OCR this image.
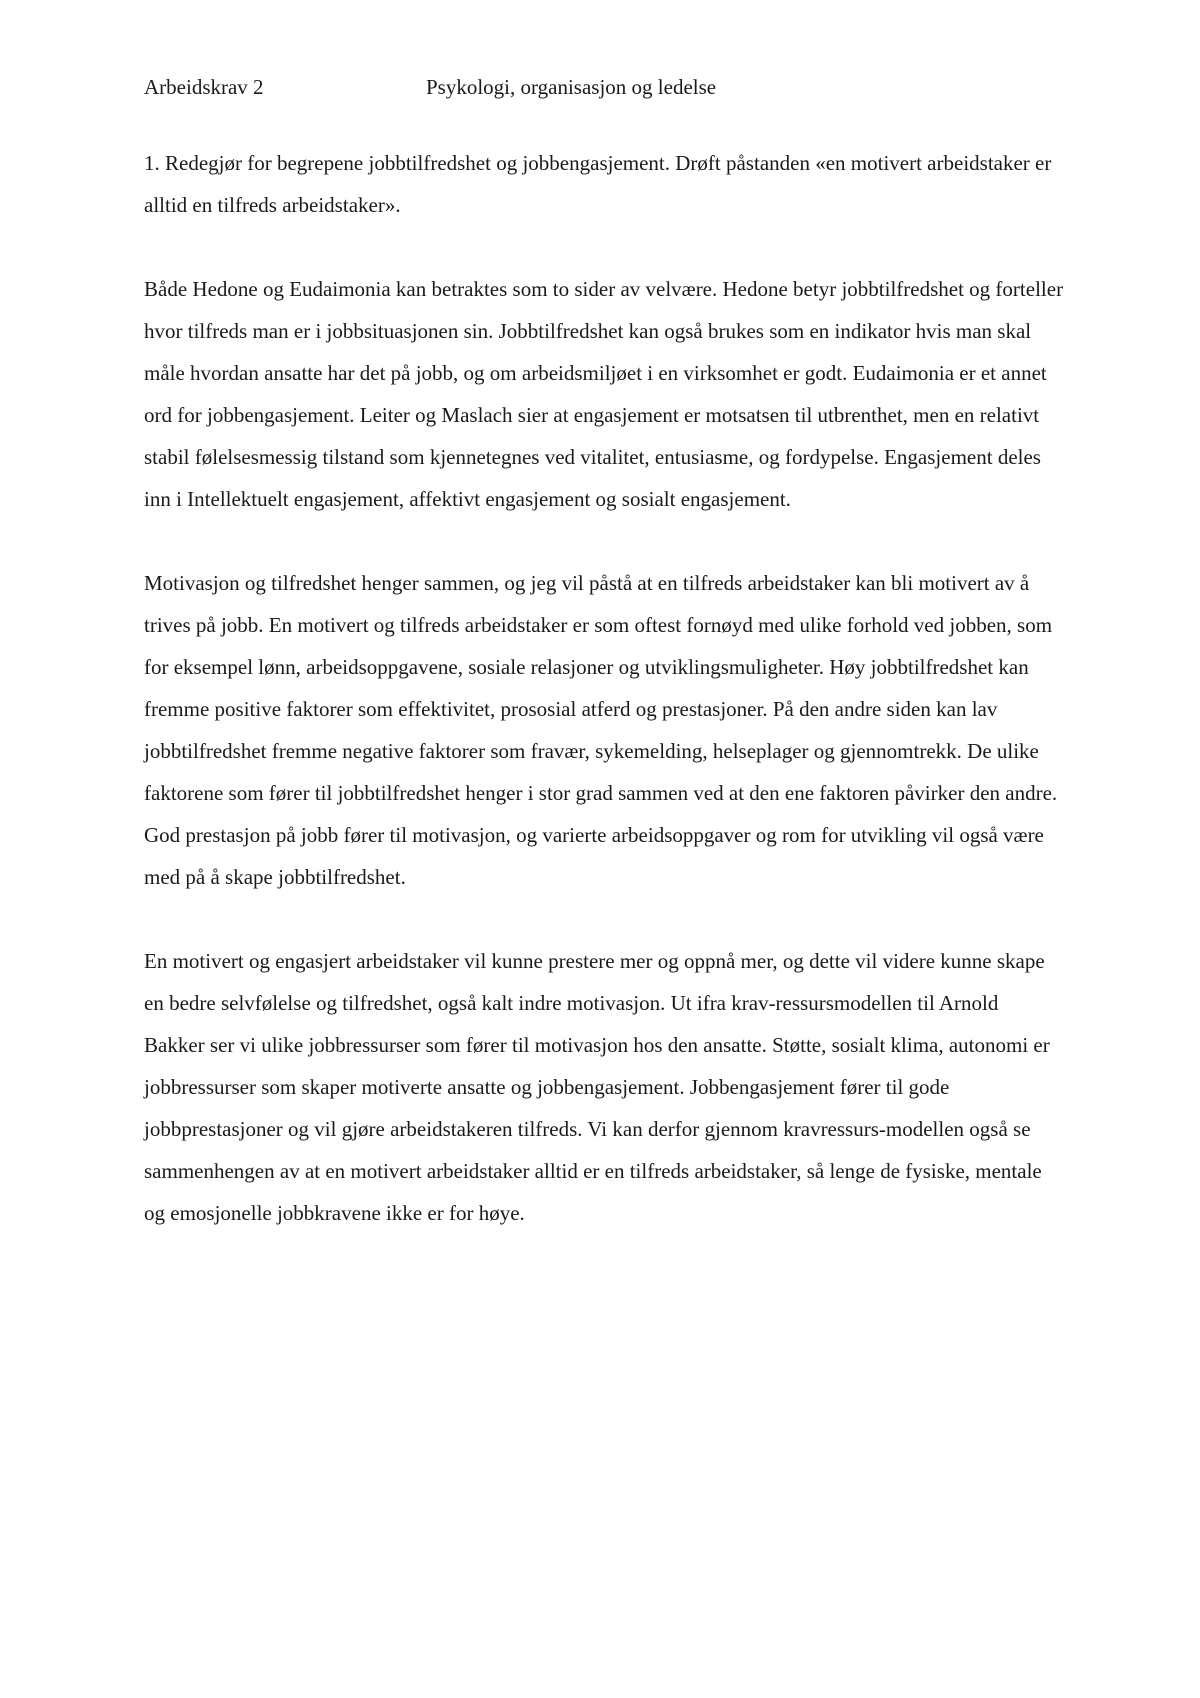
Arbeidskrav 2	Psykologi, organisasjon og ledelse

1. Redegjør for begrepene jobbtilfredshet og jobbengasjement. Drøft påstanden «en motivert arbeidstaker er alltid en tilfreds arbeidstaker».

Både Hedone og Eudaimonia kan betraktes som to sider av velvære. Hedone betyr jobbtilfredshet og forteller hvor tilfreds man er i jobbsituasjonen sin. Jobbtilfredshet kan også brukes som en indikator hvis man skal måle hvordan ansatte har det på jobb, og om arbeidsmiljøet i en virksomhet er godt. Eudaimonia er et annet ord for jobbengasjement. Leiter og Maslach sier at engasjement er motsatsen til utbrenthet, men en relativt stabil følelsesmessig tilstand som kjennetegnes ved vitalitet, entusiasme, og fordypelse. Engasjement deles inn i Intellektuelt engasjement, affektivt engasjement og sosialt engasjement.

Motivasjon og tilfredshet henger sammen, og jeg vil påstå at en tilfreds arbeidstaker kan bli motivert av å trives på jobb. En motivert og tilfreds arbeidstaker er som oftest fornøyd med ulike forhold ved jobben, som for eksempel lønn, arbeidsoppgavene, sosiale relasjoner og utviklingsmuligheter. Høy jobbtilfredshet kan fremme positive faktorer som effektivitet, prososial atferd og prestasjoner. På den andre siden kan lav jobbtilfredshet fremme negative faktorer som fravær, sykemelding, helseplager og gjennomtrekk. De ulike faktorene som fører til jobbtilfredshet henger i stor grad sammen ved at den ene faktoren påvirker den andre. God prestasjon på jobb fører til motivasjon, og varierte arbeidsoppgaver og rom for utvikling vil også være med på å skape jobbtilfredshet.

En motivert og engasjert arbeidstaker vil kunne prestere mer og oppnå mer, og dette vil videre kunne skape en bedre selvfølelse og tilfredshet, også kalt indre motivasjon. Ut ifra krav-ressursmodellen til Arnold Bakker ser vi ulike jobbressurser som fører til motivasjon hos den ansatte. Støtte, sosialt klima, autonomi er jobbressurser som skaper motiverte ansatte og jobbengasjement. Jobbengasjement fører til gode jobbprestasjoner og vil gjøre arbeidstakeren tilfreds. Vi kan derfor gjennom kravressurs-modellen også se sammenhengen av at en motivert arbeidstaker alltid er en tilfreds arbeidstaker, så lenge de fysiske, mentale og emosjonelle jobbkravene ikke er for høye.
